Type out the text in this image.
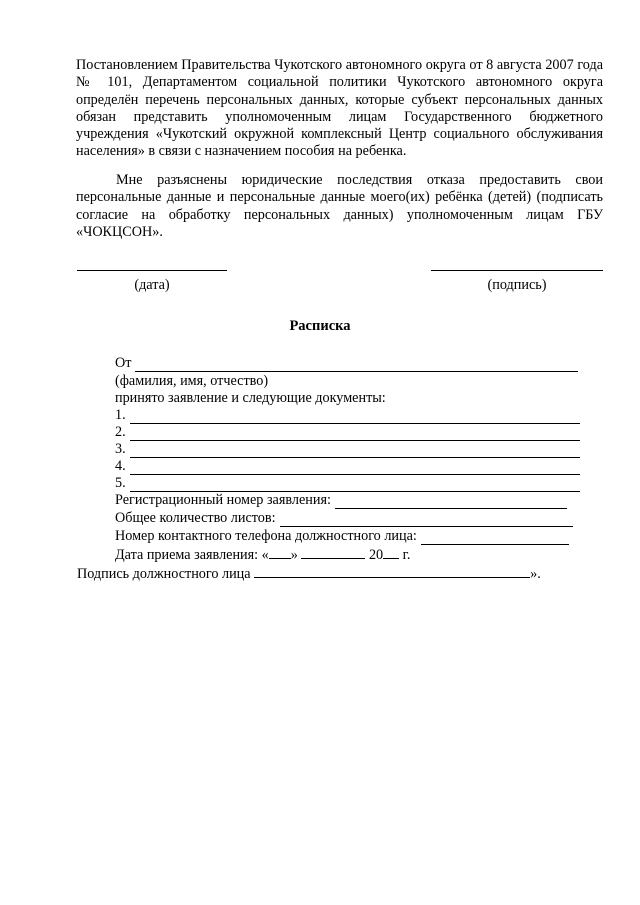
Постановлением Правительства Чукотского автономного округа от 8 августа 2007 года № 101, Департаментом социальной политики Чукотского автономного округа определён перечень персональных данных, которые субъект персональных данных обязан представить уполномоченным лицам Государственного бюджетного учреждения «Чукотский окружной комплексный Центр социального обслуживания населения» в связи с назначением пособия на ребенка.

Мне разъяснены юридические последствия отказа предоставить свои персональные данные и персональные данные моего(их) ребёнка (детей) (подписать согласие на обработку персональных данных) уполномоченным лицам ГБУ «ЧОКЦСОН».

(дата)	(подпись)
Расписка
От
(фамилия, имя, отчество)
принято заявление и следующие документы:
1.
2.
3.
4.
5.
Регистрационный номер заявления:
Общее количество листов:
Номер контактного телефона должностного лица:
Дата приема заявления: « »	20 г.
Подпись должностного лица	».
